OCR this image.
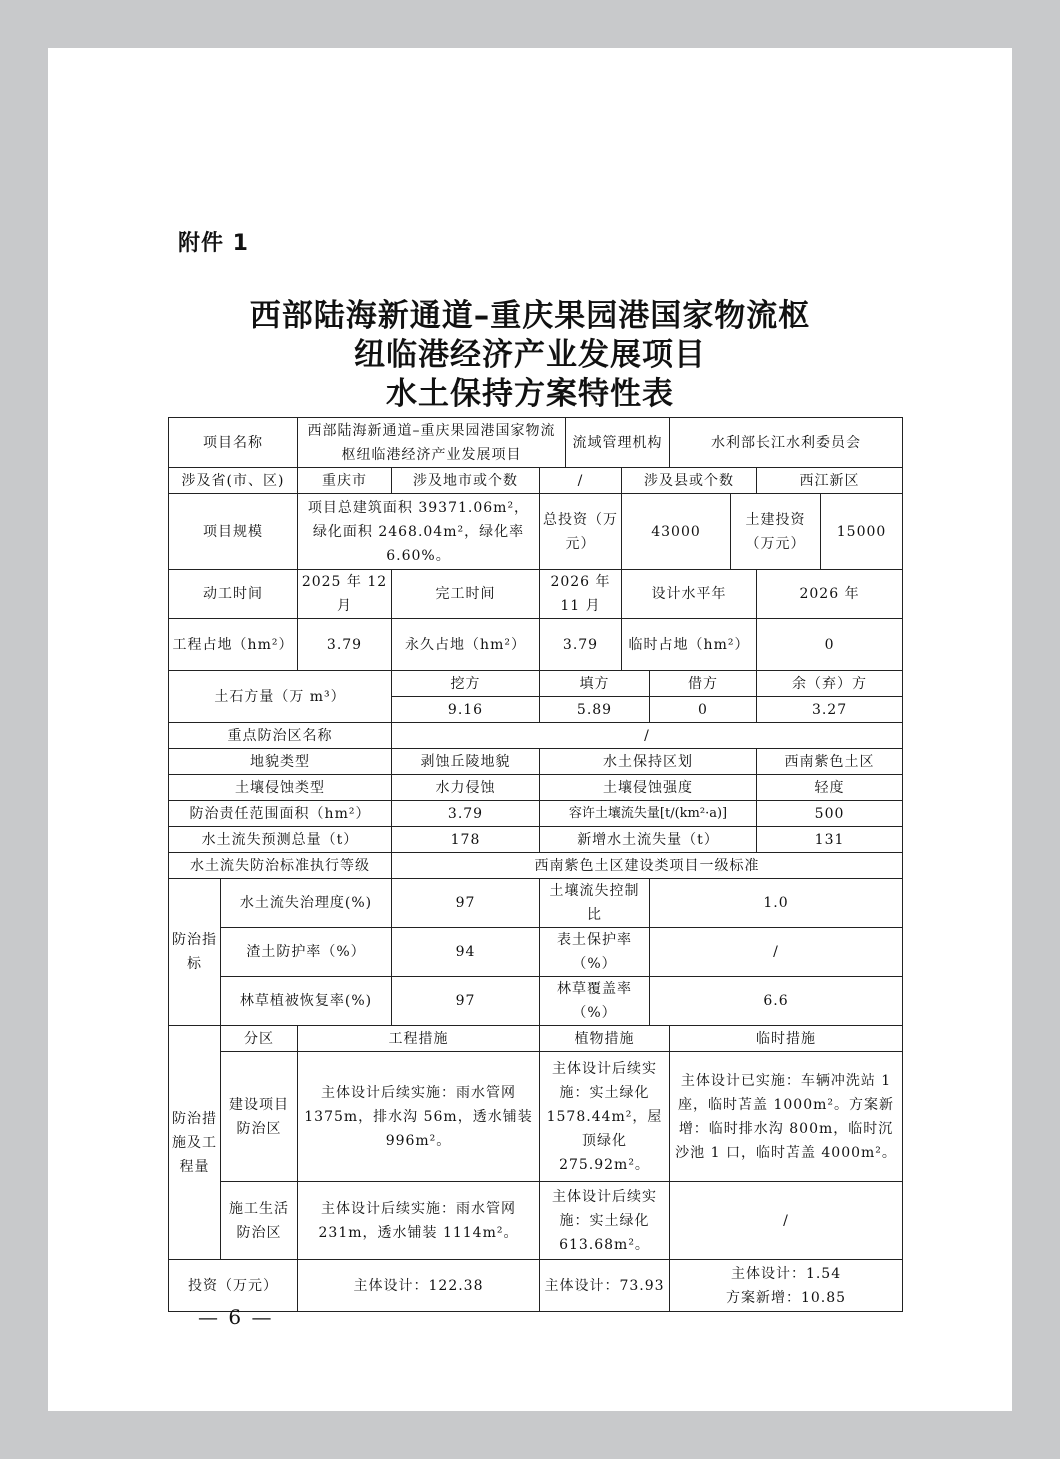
附件 1
西部陆海新通道–重庆果园港国家物流枢
纽临港经济产业发展项目
水土保持方案特性表
项目名称		西部陆海新通道–重庆果园港国家物流枢纽临港经济产业发展项目			流域管理机构			水利部长江水利委员会			
涉及省(市、区)		重庆市	涉及地市或个数	/		涉及县或个数				西江新区	
项目规模		项目总建筑面积 39371.06m²，绿化面积 2468.04m²，绿化率 6.60%。		总投资（万元）		43000			土建投资（万元）		15000
动工时间		2025 年 12 月	完工时间	2026 年 11 月		设计水平年				2026 年	
工程占地（hm²）		3.79	永久占地（hm²）	3.79		临时占地（hm²）				0	
土石方量（万 m³）			挖方	填方			借方			余（弃）方	
			9.16	5.89			0			3.27	
重点防治区名称			/								
地貌类型			剥蚀丘陵地貌	水土保持区划						西南紫色土区	
土壤侵蚀类型			水力侵蚀	土壤侵蚀强度						轻度	
防治责任范围面积（hm²）			3.79	容许土壤流失量[t/(km²·a)]						500	
水土流失预测总量（t）			178	新增水土流失量（t）						131	
水土流失防治标准执行等级			西南紫色土区建设类项目一级标准								
防治指标	水土流失治理度(%)		97	土壤流失控制比			1.0				
	渣土防护率（%）		94	表土保护率（%）			/				
	林草植被恢复率(%)		97	林草覆盖率（%）			6.6				
防治措施及工程量	分区	工程措施		植物措施				临时措施			
	建设项目防治区	主体设计后续实施：雨水管网 1375m，排水沟 56m，透水铺装 996m²。		主体设计后续实施：实土绿化 1578.44m²，屋顶绿化 275.92m²。				主体设计已实施：车辆冲洗站 1 座，临时苫盖 1000m²。方案新增：临时排水沟 800m，临时沉沙池 1 口，临时苫盖 4000m²。			
	施工生活防治区	主体设计后续实施：雨水管网 231m，透水铺装 1114m²。		主体设计后续实施：实土绿化 613.68m²。				/			
投资（万元）		主体设计：122.38		主体设计：73.93				主体设计：1.54
方案新增：10.85			
— 6 —
